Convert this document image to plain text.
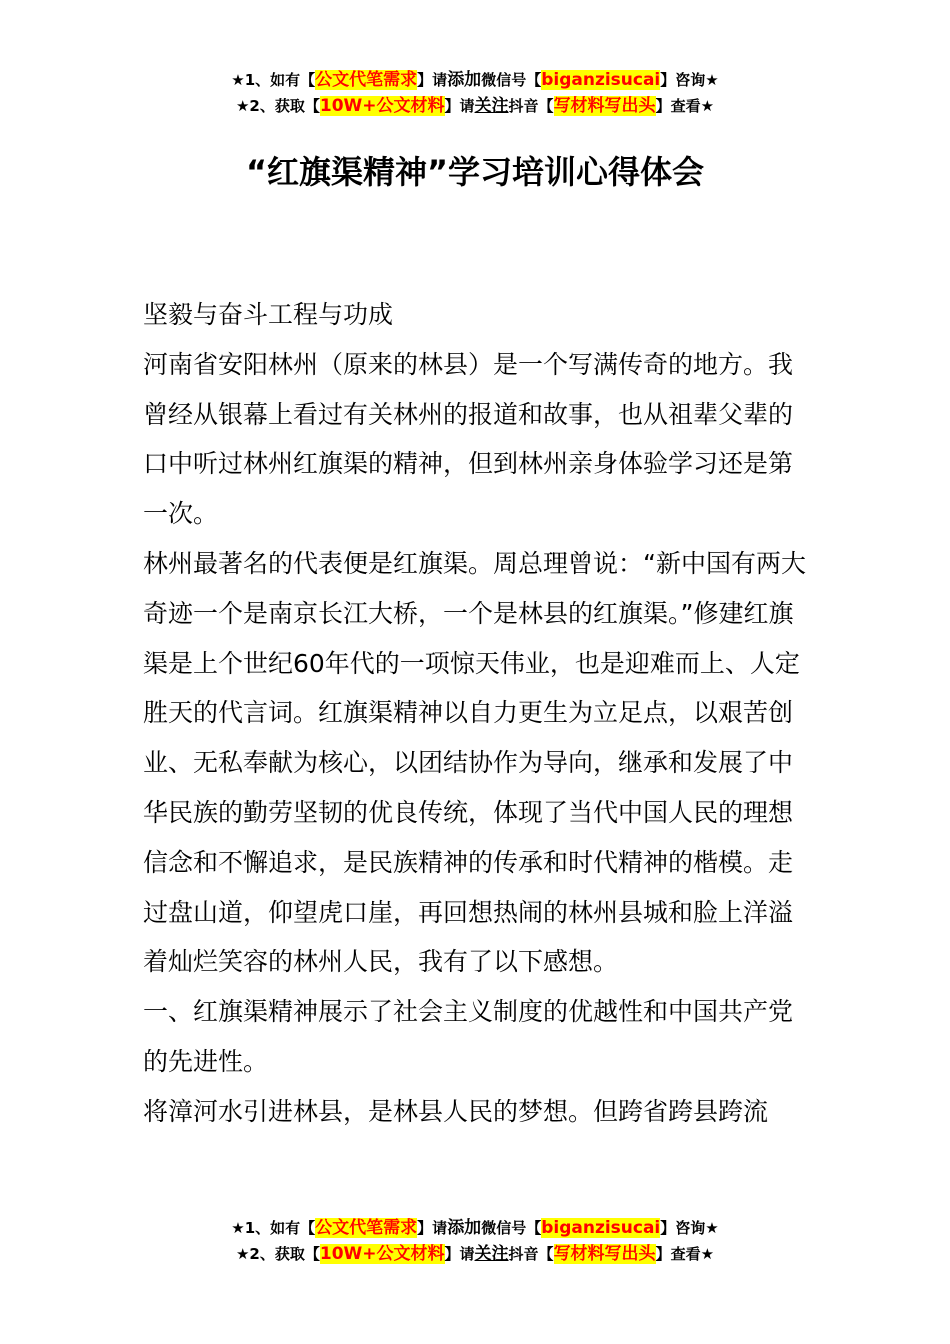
★1、如有【公文代笔需求】请添加微信号【biganzisucai】咨询★
★2、获取【10W+公文材料】请关注抖音【写材料写出头】查看★
“红旗渠精神”学习培训心得体会

坚毅与奋斗工程与功成

河南省安阳林州（原来的林县）是一个写满传奇的地方。我曾经从银幕上看过有关林州的报道和故事，也从祖辈父辈的口中听过林州红旗渠的精神，但到林州亲身体验学习还是第一次。

林州最著名的代表便是红旗渠。周总理曾说：“新中国有两大奇迹一个是南京长江大桥，一个是林县的红旗渠。”修建红旗渠是上个世纪60年代的一项惊天伟业，也是迎难而上、人定胜天的代言词。红旗渠精神以自力更生为立足点，以艰苦创业、无私奉献为核心，以团结协作为导向，继承和发展了中华民族的勤劳坚韧的优良传统，体现了当代中国人民的理想信念和不懈追求，是民族精神的传承和时代精神的楷模。走过盘山道，仰望虎口崖，再回想热闹的林州县城和脸上洋溢着灿烂笑容的林州人民，我有了以下感想。

一、红旗渠精神展示了社会主义制度的优越性和中国共产党的先进性。

将漳河水引进林县，是林县人民的梦想。但跨省跨县跨流

★1、如有【公文代笔需求】请添加微信号【biganzisucai】咨询★
★2、获取【10W+公文材料】请关注抖音【写材料写出头】查看★
